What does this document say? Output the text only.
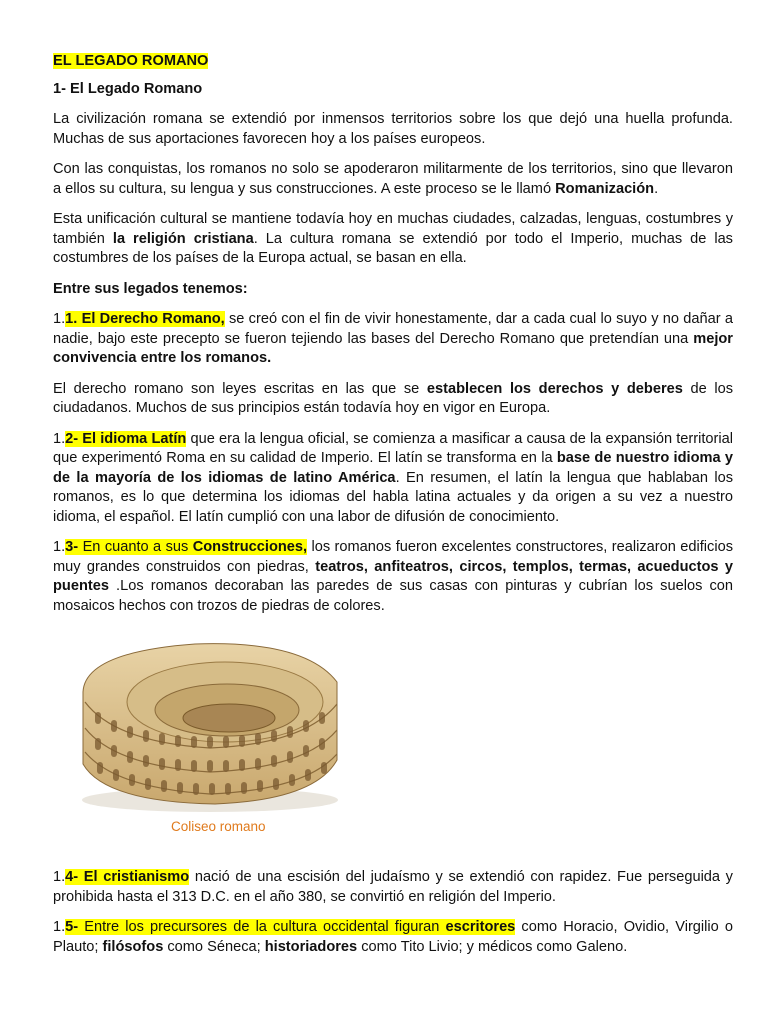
EL LEGADO ROMANO

1- El Legado Romano

La civilización romana se extendió por inmensos territorios sobre los que dejó una huella profunda. Muchas de sus aportaciones favorecen hoy a los países europeos.

Con las conquistas, los romanos no solo se apoderaron militarmente de los territorios, sino que llevaron a ellos su cultura, su lengua y sus construcciones. A este proceso se le llamó Romanización.

Esta unificación cultural se mantiene todavía hoy en muchas ciudades, calzadas, lenguas, costumbres y también la religión cristiana. La cultura romana se extendió por todo el Imperio, muchas de las costumbres de los países de la Europa actual, se basan en ella.

Entre sus legados tenemos:

1.1. El Derecho Romano, se creó con el fin de vivir honestamente, dar a cada cual lo suyo y no dañar a nadie, bajo este precepto se fueron tejiendo las bases del Derecho Romano que pretendían una mejor convivencia entre los romanos.

El derecho romano son leyes escritas en las que se establecen los derechos y deberes de los ciudadanos. Muchos de sus principios están todavía hoy en vigor en Europa.

1.2- El idioma Latín que era la lengua oficial, se comienza a masificar a causa de la expansión territorial que experimentó Roma en su calidad de Imperio. El latín se transforma en la base de nuestro idioma y de la mayoría de los idiomas de latino América. En resumen, el latín la lengua que hablaban los romanos, es lo que determina los idiomas del habla latina actuales y da origen a su vez a nuestro idioma, el español. El latín cumplió con una labor de difusión de conocimiento.

1.3- En cuanto a sus Construcciones, los romanos fueron excelentes constructores, realizaron edificios muy grandes construidos con piedras, teatros, anfiteatros, circos, templos, termas, acueductos y puentes .Los romanos decoraban las paredes de sus casas con pinturas y cubrían los suelos con mosaicos hechos con trozos de piedras de colores.

Coliseo romano

1.4- El cristianismo nació de una escisión del judaísmo y se extendió con rapidez. Fue perseguida y prohibida hasta el 313 D.C. en el año 380, se convirtió en religión del Imperio.

1.5- Entre los precursores de la cultura occidental figuran escritores como Horacio, Ovidio, Virgilio o Plauto; filósofos como Séneca; historiadores como Tito Livio; y médicos como Galeno.
